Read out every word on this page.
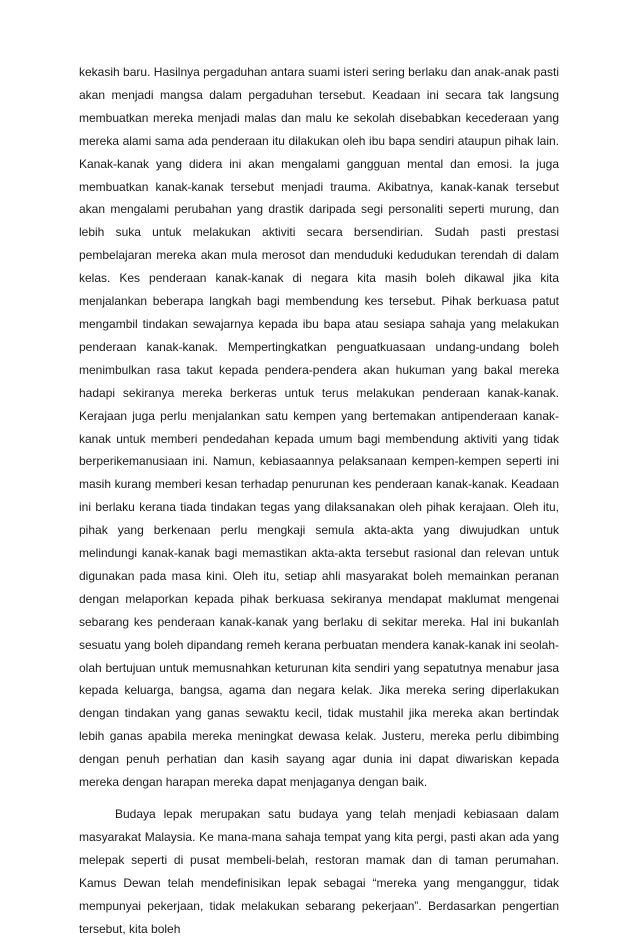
kekasih baru. Hasilnya pergaduhan antara suami isteri sering berlaku dan anak-anak pasti akan menjadi mangsa dalam pergaduhan tersebut. Keadaan ini secara tak langsung membuatkan mereka menjadi malas dan malu ke sekolah disebabkan kecederaan yang mereka alami sama ada penderaan itu dilakukan oleh ibu bapa sendiri ataupun pihak lain. Kanak-kanak yang didera ini akan mengalami gangguan mental dan emosi. Ia juga membuatkan kanak-kanak tersebut menjadi trauma. Akibatnya, kanak-kanak tersebut akan mengalami perubahan yang drastik daripada segi personaliti seperti murung, dan lebih suka untuk melakukan aktiviti secara bersendirian. Sudah pasti prestasi pembelajaran mereka akan mula merosot dan menduduki kedudukan terendah di dalam kelas. Kes penderaan kanak-kanak di negara kita masih boleh dikawal jika kita menjalankan beberapa langkah bagi membendung kes tersebut. Pihak berkuasa patut mengambil tindakan sewajarnya kepada ibu bapa atau sesiapa sahaja yang melakukan penderaan kanak-kanak. Mempertingkatkan penguatkuasaan undang-undang boleh menimbulkan rasa takut kepada pendera-pendera akan hukuman yang bakal mereka hadapi sekiranya mereka berkeras untuk terus melakukan penderaan kanak-kanak. Kerajaan juga perlu menjalankan satu kempen yang bertemakan antipenderaan kanak-kanak untuk memberi pendedahan kepada umum bagi membendung aktiviti yang tidak berperikemanusiaan ini. Namun, kebiasaannya pelaksanaan kempen-kempen seperti ini masih kurang memberi kesan terhadap penurunan kes penderaan kanak-kanak. Keadaan ini berlaku kerana tiada tindakan tegas yang dilaksanakan oleh pihak kerajaan. Oleh itu, pihak yang berkenaan perlu mengkaji semula akta-akta yang diwujudkan untuk melindungi kanak-kanak bagi memastikan akta-akta tersebut rasional dan relevan untuk digunakan pada masa kini. Oleh itu, setiap ahli masyarakat boleh memainkan peranan dengan melaporkan kepada pihak berkuasa sekiranya mendapat maklumat mengenai sebarang kes penderaan kanak-kanak yang berlaku di sekitar mereka. Hal ini bukanlah sesuatu yang boleh dipandang remeh kerana perbuatan mendera kanak-kanak ini seolah-olah bertujuan untuk memusnahkan keturunan kita sendiri yang sepatutnya menabur jasa kepada keluarga, bangsa, agama dan negara kelak. Jika mereka sering diperlakukan dengan tindakan yang ganas sewaktu kecil, tidak mustahil jika mereka akan bertindak lebih ganas apabila mereka meningkat dewasa kelak. Justeru, mereka perlu dibimbing dengan penuh perhatian dan kasih sayang agar dunia ini dapat diwariskan kepada mereka dengan harapan mereka dapat menjaganya dengan baik.

Budaya lepak merupakan satu budaya yang telah menjadi kebiasaan dalam masyarakat Malaysia. Ke mana-mana sahaja tempat yang kita pergi, pasti akan ada yang melepak seperti di pusat membeli-belah, restoran mamak dan di taman perumahan. Kamus Dewan telah mendefinisikan lepak sebagai “mereka yang menganggur, tidak mempunyai pekerjaan, tidak melakukan sebarang pekerjaan”. Berdasarkan pengertian tersebut, kita boleh
